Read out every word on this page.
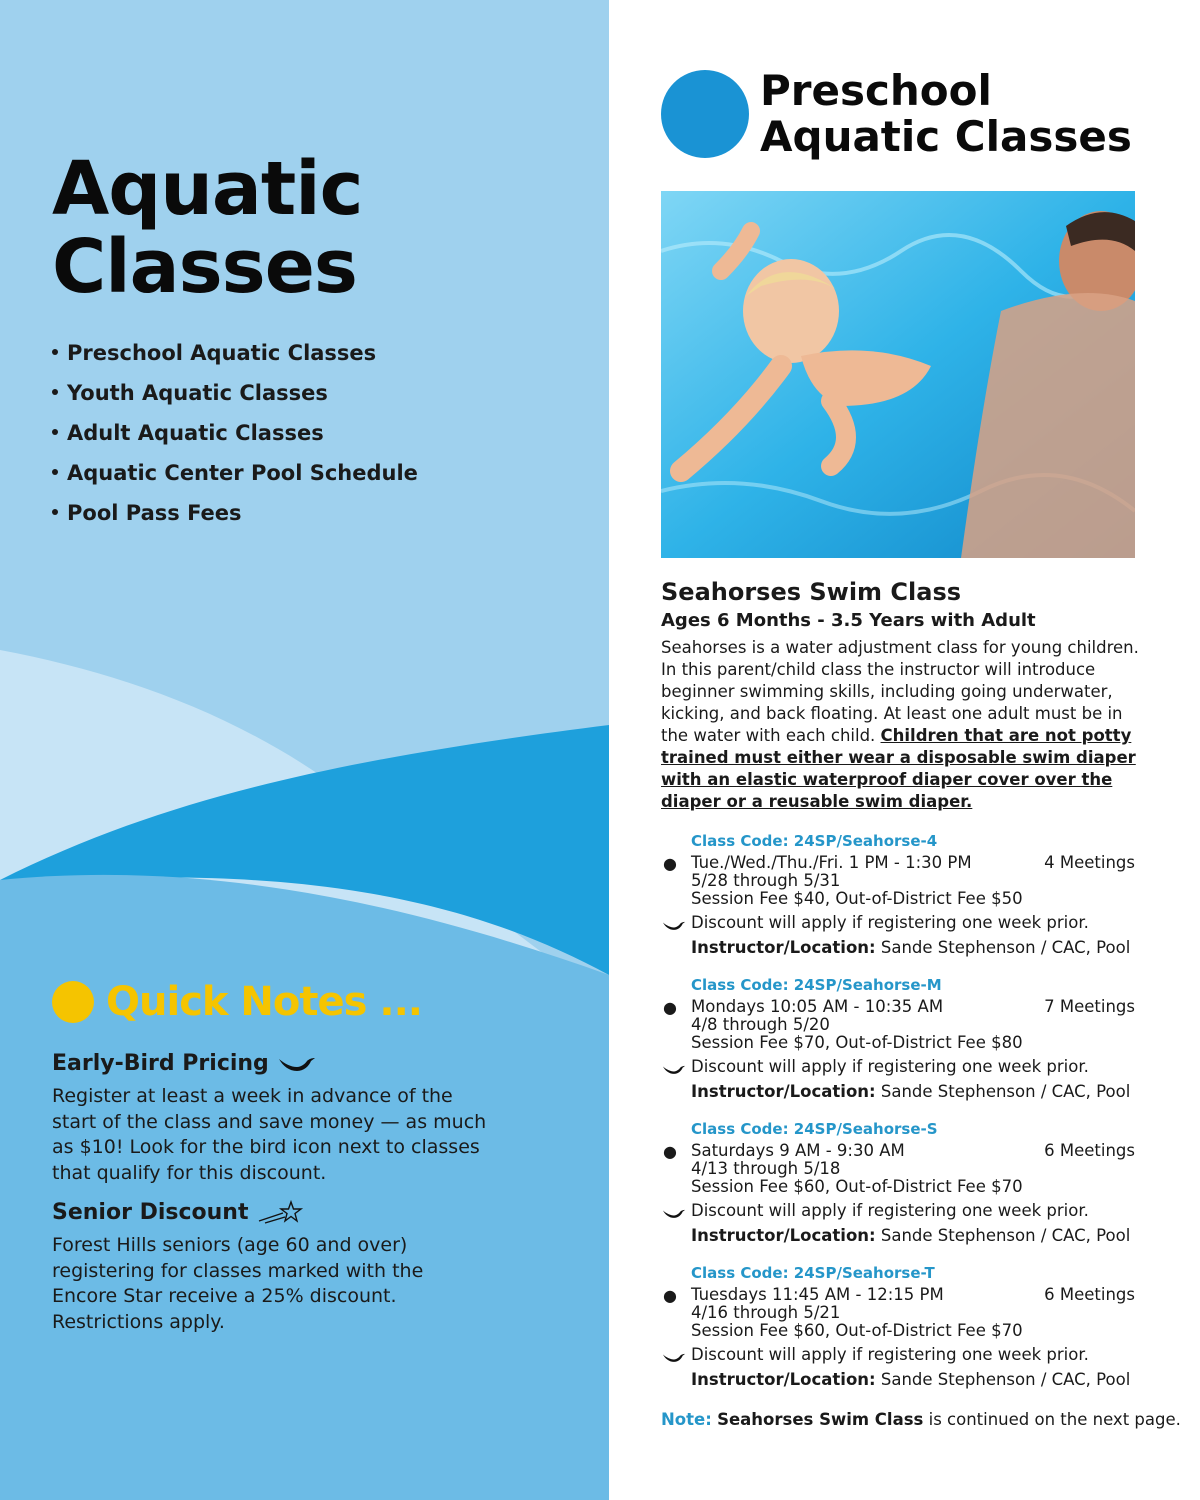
Aquatic
Classes
Preschool Aquatic Classes
Youth Aquatic Classes
Adult Aquatic Classes
Aquatic Center Pool Schedule
Pool Pass Fees
Quick Notes ...
Early-Bird Pricing

Register at least a week in advance of the start of the class and save money — as much as $10! Look for the bird icon next to classes that qualify for this discount.

Senior Discount

Forest Hills seniors (age 60 and over) registering for classes marked with the Encore Star receive a 25% discount. Restrictions apply.

Preschool
Aquatic Classes
Seahorses Swim Class
Ages 6 Months - 3.5 Years with Adult

Seahorses is a water adjustment class for young children. In this parent/child class the instructor will introduce beginner swimming skills, including going underwater, kicking, and back floating. At least one adult must be in the water with each child. Children that are not potty trained must either wear a disposable swim diaper with an elastic waterproof diaper cover over the diaper or a reusable swim diaper.

Class Code: 24SP/Seahorse-4
● Tue./Wed./Thu./Fri. 1 PM - 1:30 PM	4 Meetings
5/28 through 5/31
Session Fee $40, Out-of-District Fee $50
Discount will apply if registering one week prior.
Instructor/Location: Sande Stephenson / CAC, Pool
Class Code: 24SP/Seahorse-M
● Mondays 10:05 AM - 10:35 AM	7 Meetings
4/8 through 5/20
Session Fee $70, Out-of-District Fee $80
Discount will apply if registering one week prior.
Instructor/Location: Sande Stephenson / CAC, Pool
Class Code: 24SP/Seahorse-S
● Saturdays 9 AM - 9:30 AM	6 Meetings
4/13 through 5/18
Session Fee $60, Out-of-District Fee $70
Discount will apply if registering one week prior.
Instructor/Location: Sande Stephenson / CAC, Pool
Class Code: 24SP/Seahorse-T
● Tuesdays 11:45 AM - 12:15 PM	6 Meetings
4/16 through 5/21
Session Fee $60, Out-of-District Fee $70
Discount will apply if registering one week prior.
Instructor/Location: Sande Stephenson / CAC, Pool
Note: Seahorses Swim Class is continued on the next page.
